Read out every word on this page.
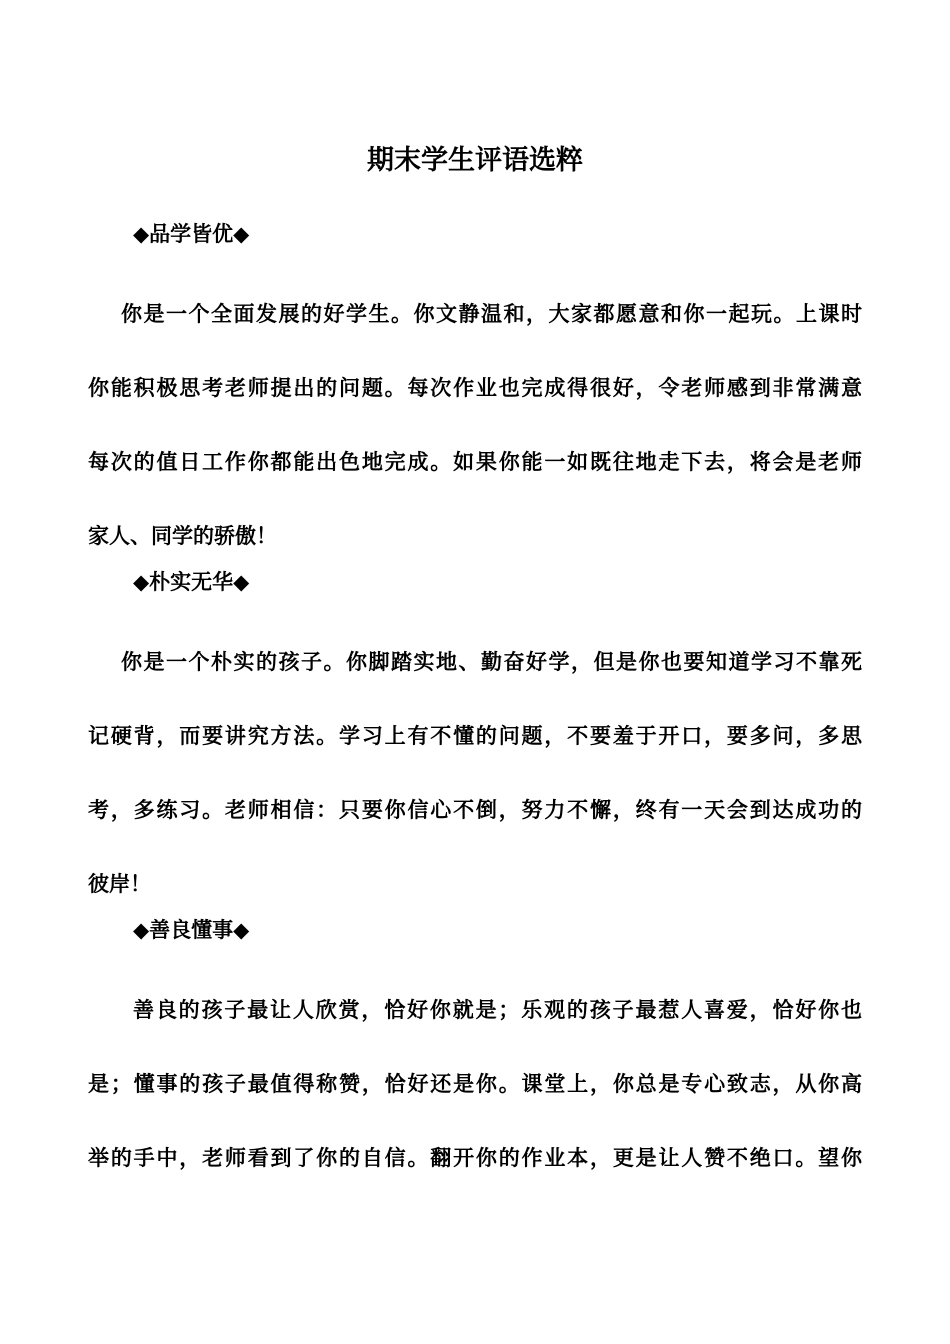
期末学生评语选粹
◆品学皆优◆
你是一个全面发展的好学生。你文静温和，大家都愿意和你一起玩。上课时
你能积极思考老师提出的问题。每次作业也完成得很好，令老师感到非常满意
每次的值日工作你都能出色地完成。如果你能一如既往地走下去，将会是老师
家人、同学的骄傲！
◆朴实无华◆
你是一个朴实的孩子。你脚踏实地、勤奋好学，但是你也要知道学习不靠死
记硬背，而要讲究方法。学习上有不懂的问题，不要羞于开口，要多问，多思
考，多练习。老师相信：只要你信心不倒，努力不懈，终有一天会到达成功的
彼岸！
◆善良懂事◆
善良的孩子最让人欣赏，恰好你就是；乐观的孩子最惹人喜爱，恰好你也
是；懂事的孩子最值得称赞，恰好还是你。课堂上，你总是专心致志，从你高
举的手中，老师看到了你的自信。翻开你的作业本，更是让人赞不绝口。望你
